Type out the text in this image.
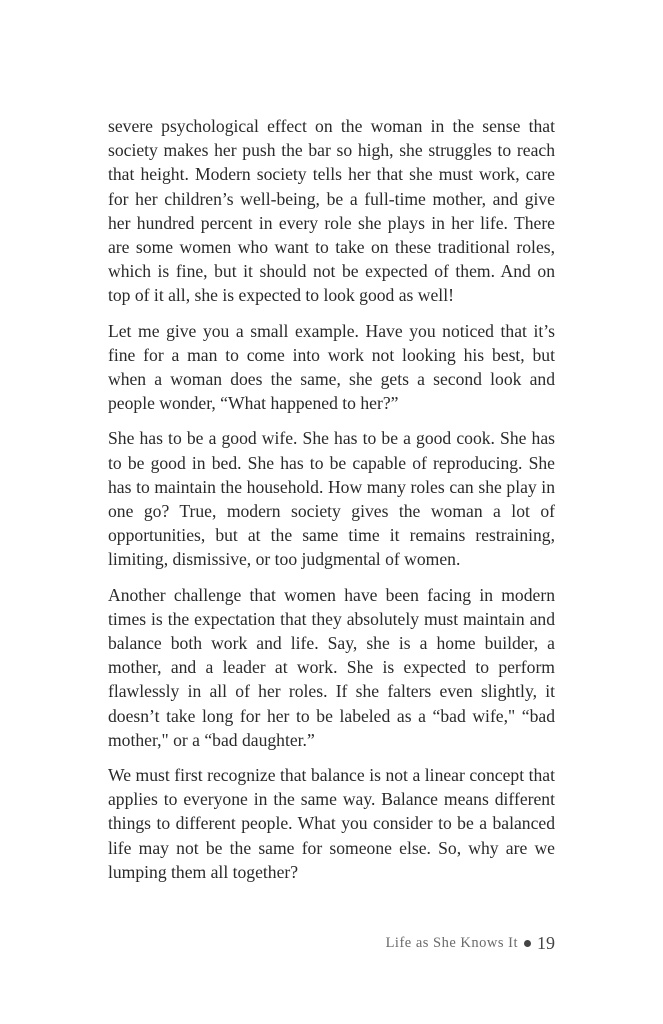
severe psychological effect on the woman in the sense that society makes her push the bar so high, she struggles to reach that height. Modern society tells her that she must work, care for her children’s well-being, be a full-time mother, and give her hundred percent in every role she plays in her life. There are some women who want to take on these traditional roles, which is fine, but it should not be expected of them. And on top of it all, she is expected to look good as well!

Let me give you a small example. Have you noticed that it’s fine for a man to come into work not looking his best, but when a woman does the same, she gets a second look and people wonder, “What happened to her?”

She has to be a good wife. She has to be a good cook. She has to be good in bed. She has to be capable of reproducing. She has to maintain the household. How many roles can she play in one go? True, modern society gives the woman a lot of opportunities, but at the same time it remains restraining, limiting, dismissive, or too judgmental of women.

Another challenge that women have been facing in modern times is the expectation that they absolutely must maintain and balance both work and life. Say, she is a home builder, a mother, and a leader at work. She is expected to perform flawlessly in all of her roles. If she falters even slightly, it doesn’t take long for her to be labeled as a “bad wife," “bad mother," or a “bad daughter.”

We must first recognize that balance is not a linear concept that applies to everyone in the same way. Balance means different things to different people. What you consider to be a balanced life may not be the same for someone else. So, why are we lumping them all together?

Life as She Knows It 19
